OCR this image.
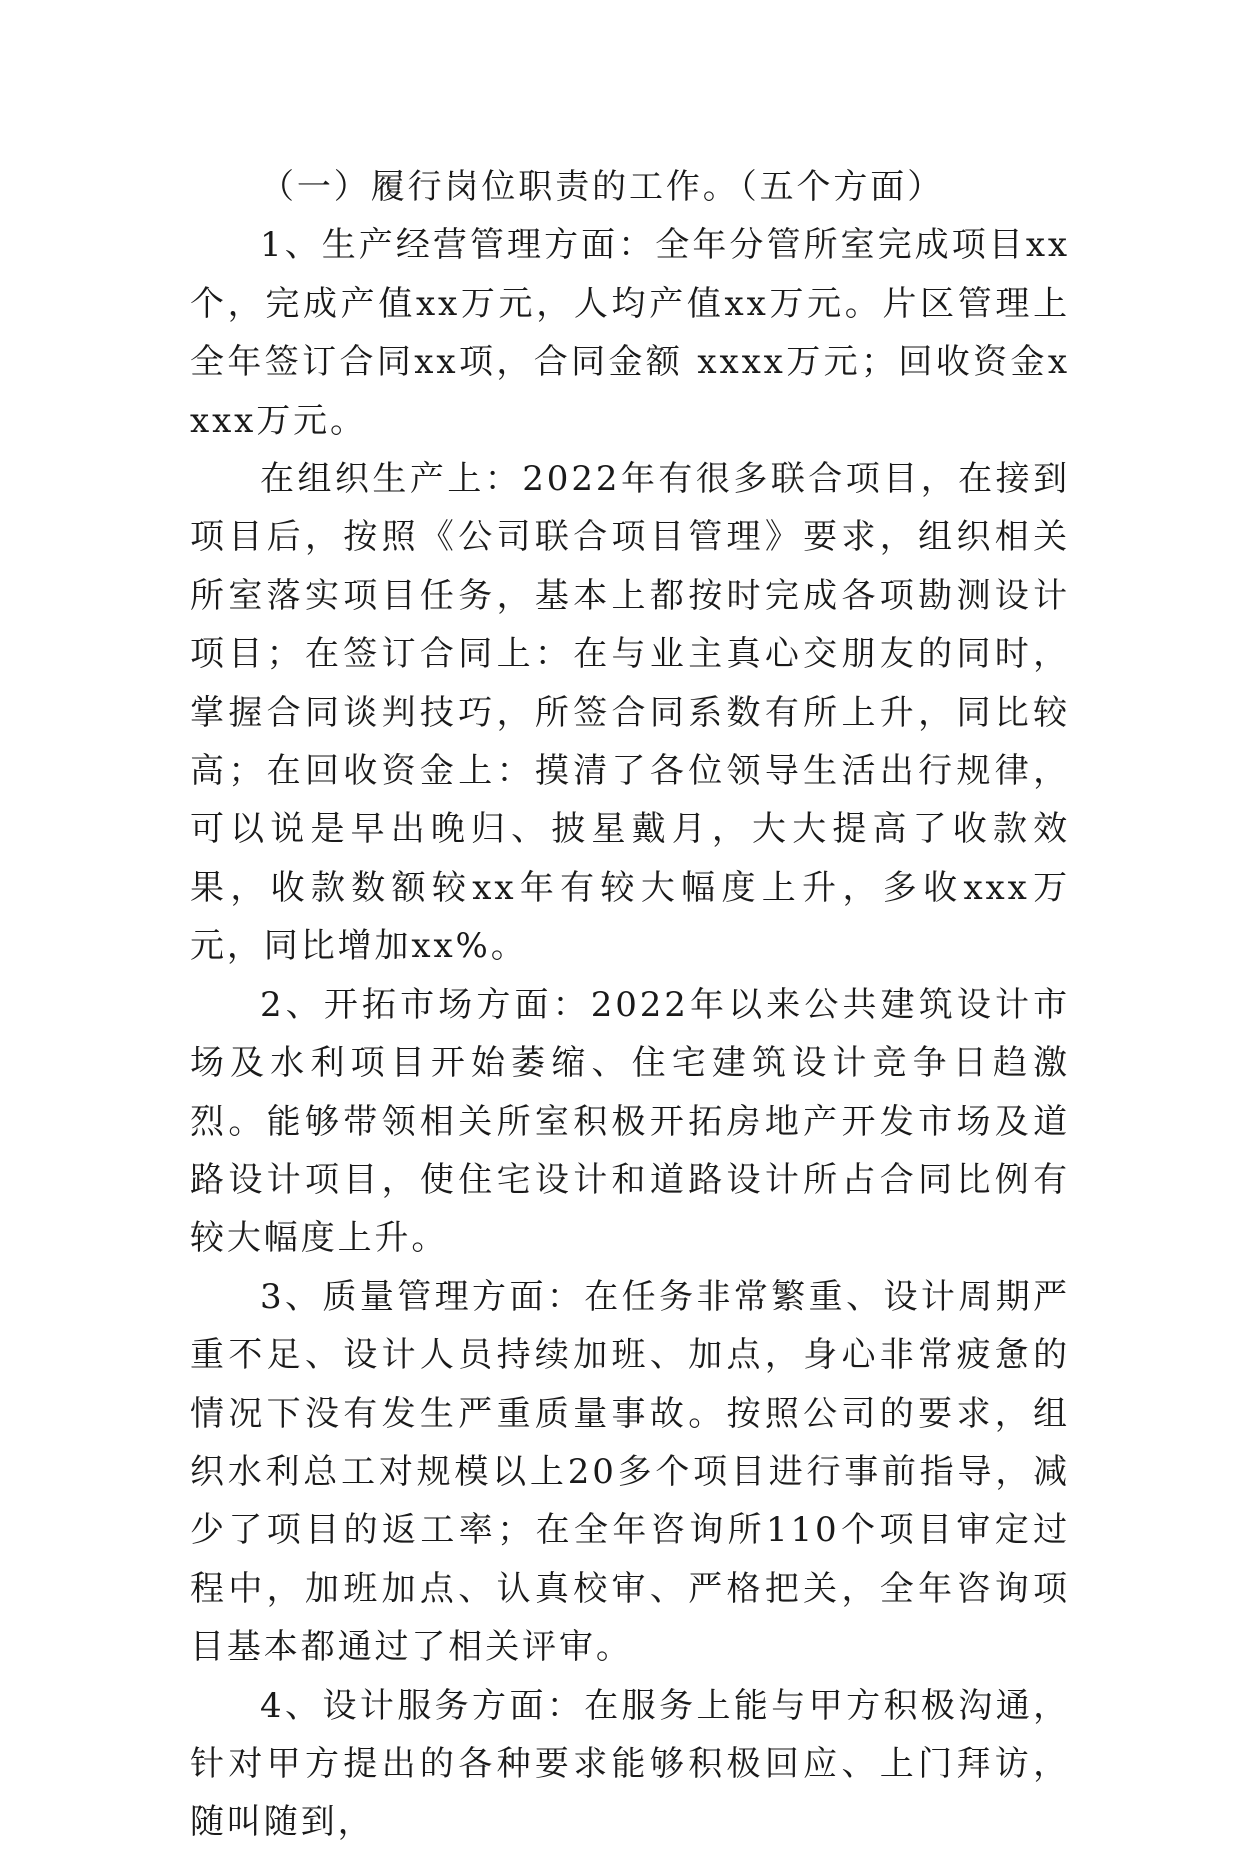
（一）履行岗位职责的工作。（五个方面）

1、生产经营管理方面：全年分管所室完成项目xx个，完成产值xx万元，人均产值xx万元。片区管理上全年签订合同xx项，合同金额 xxxx万元；回收资金xxxx万元。

在组织生产上：2022年有很多联合项目，在接到项目后，按照《公司联合项目管理》要求，组织相关所室落实项目任务，基本上都按时完成各项勘测设计项目；在签订合同上：在与业主真心交朋友的同时，掌握合同谈判技巧，所签合同系数有所上升，同比较高；在回收资金上：摸清了各位领导生活出行规律，可以说是早出晚归、披星戴月，大大提高了收款效果，收款数额较xx年有较大幅度上升，多收xxx万元，同比增加xx%。

2、开拓市场方面：2022年以来公共建筑设计市场及水利项目开始萎缩、住宅建筑设计竞争日趋激烈。能够带领相关所室积极开拓房地产开发市场及道路设计项目，使住宅设计和道路设计所占合同比例有较大幅度上升。

3、质量管理方面：在任务非常繁重、设计周期严重不足、设计人员持续加班、加点，身心非常疲惫的情况下没有发生严重质量事故。按照公司的要求，组织水利总工对规模以上20多个项目进行事前指导，减少了项目的返工率；在全年咨询所110个项目审定过程中，加班加点、认真校审、严格把关，全年咨询项目基本都通过了相关评审。

4、设计服务方面：在服务上能与甲方积极沟通，针对甲方提出的各种要求能够积极回应、上门拜访，随叫随到，
